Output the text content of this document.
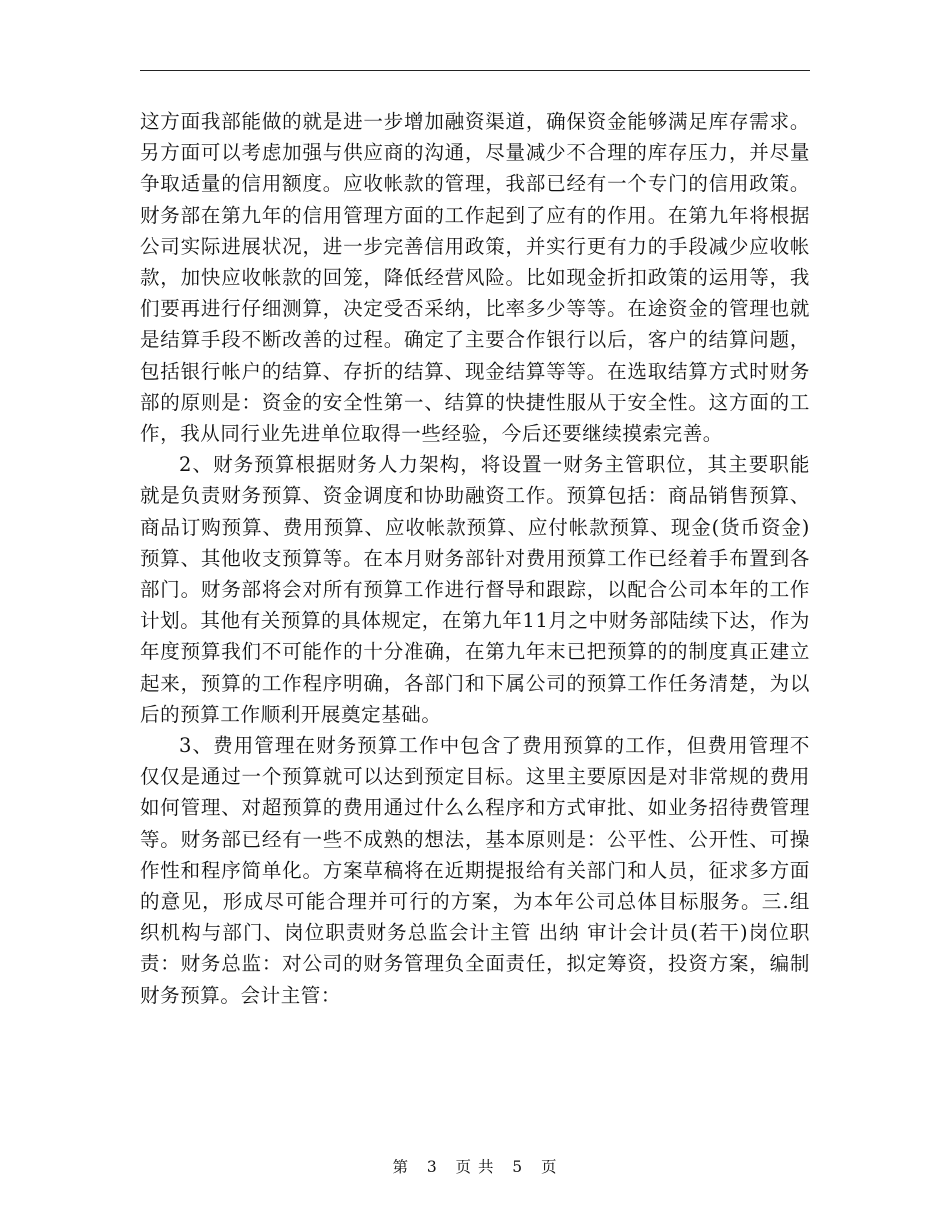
这方面我部能做的就是进一步增加融资渠道，确保资金能够满足库存需求。另方面可以考虑加强与供应商的沟通，尽量减少不合理的库存压力，并尽量争取适量的信用额度。应收帐款的管理，我部已经有一个专门的信用政策。财务部在第九年的信用管理方面的工作起到了应有的作用。在第九年将根据公司实际进展状况，进一步完善信用政策，并实行更有力的手段减少应收帐款，加快应收帐款的回笼，降低经营风险。比如现金折扣政策的运用等，我们要再进行仔细测算，决定受否采纳，比率多少等等。在途资金的管理也就是结算手段不断改善的过程。确定了主要合作银行以后，客户的结算问题，包括银行帐户的结算、存折的结算、现金结算等等。在选取结算方式时财务部的原则是：资金的安全性第一、结算的快捷性服从于安全性。这方面的工作，我从同行业先进单位取得一些经验，今后还要继续摸索完善。

2、财务预算根据财务人力架构，将设置一财务主管职位，其主要职能就是负责财务预算、资金调度和协助融资工作。预算包括：商品销售预算、商品订购预算、费用预算、应收帐款预算、应付帐款预算、现金(货币资金)预算、其他收支预算等。在本月财务部针对费用预算工作已经着手布置到各部门。财务部将会对所有预算工作进行督导和跟踪，以配合公司本年的工作计划。其他有关预算的具体规定，在第九年11月之中财务部陆续下达，作为年度预算我们不可能作的十分准确，在第九年末已把预算的的制度真正建立起来，预算的工作程序明确，各部门和下属公司的预算工作任务清楚，为以后的预算工作顺利开展奠定基础。

3、费用管理在财务预算工作中包含了费用预算的工作，但费用管理不仅仅是通过一个预算就可以达到预定目标。这里主要原因是对非常规的费用如何管理、对超预算的费用通过什么么程序和方式审批、如业务招待费管理等。财务部已经有一些不成熟的想法，基本原则是：公平性、公开性、可操作性和程序简单化。方案草稿将在近期提报给有关部门和人员，征求多方面的意见，形成尽可能合理并可行的方案，为本年公司总体目标服务。三.组织机构与部门、岗位职责财务总监会计主管 出纳 审计会计员(若干)岗位职责：财务总监：对公司的财务管理负全面责任，拟定筹资，投资方案，编制财务预算。会计主管：

第 3 页 共 5 页
